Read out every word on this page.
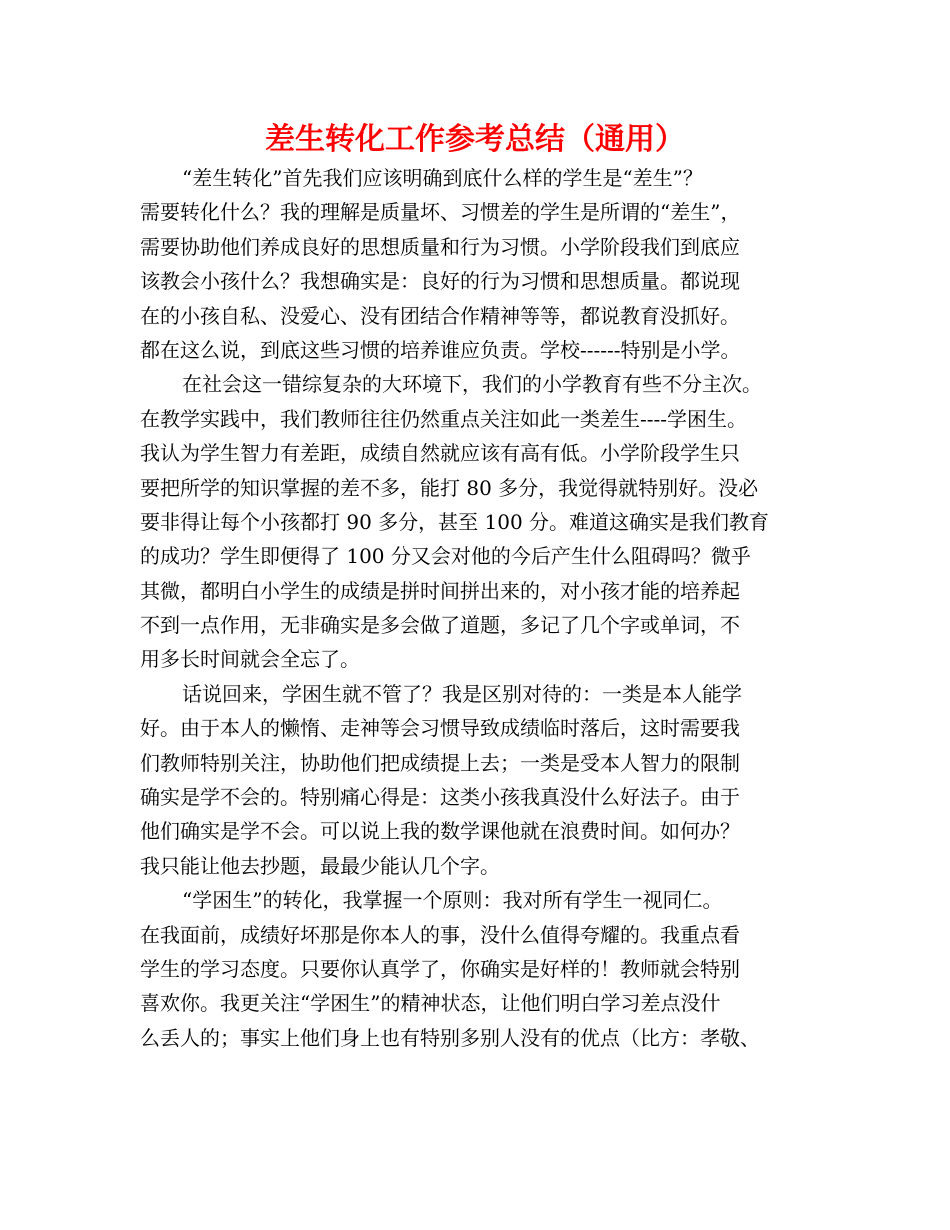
差生转化工作参考总结（通用）

“差生转化”首先我们应该明确到底什么样的学生是“差生”？
需要转化什么？我的理解是质量坏、习惯差的学生是所谓的“差生”，
需要协助他们养成良好的思想质量和行为习惯。小学阶段我们到底应
该教会小孩什么？我想确实是：良好的行为习惯和思想质量。都说现
在的小孩自私、没爱心、没有团结合作精神等等，都说教育没抓好。
都在这么说，到底这些习惯的培养谁应负责。学校------特别是小学。

在社会这一错综复杂的大环境下，我们的小学教育有些不分主次。
在教学实践中，我们教师往往仍然重点关注如此一类差生----学困生。
我认为学生智力有差距，成绩自然就应该有高有低。小学阶段学生只
要把所学的知识掌握的差不多，能打 80 多分，我觉得就特别好。没必
要非得让每个小孩都打 90 多分，甚至 100 分。难道这确实是我们教育
的成功？学生即便得了 100 分又会对他的今后产生什么阻碍吗？微乎
其微，都明白小学生的成绩是拼时间拼出来的，对小孩才能的培养起
不到一点作用，无非确实是多会做了道题，多记了几个字或单词，不
用多长时间就会全忘了。

话说回来，学困生就不管了？我是区别对待的：一类是本人能学
好。由于本人的懒惰、走神等会习惯导致成绩临时落后，这时需要我
们教师特别关注，协助他们把成绩提上去；一类是受本人智力的限制
确实是学不会的。特别痛心得是：这类小孩我真没什么好法子。由于
他们确实是学不会。可以说上我的数学课他就在浪费时间。如何办？
我只能让他去抄题，最最少能认几个字。

“学困生”的转化，我掌握一个原则：我对所有学生一视同仁。
在我面前，成绩好坏那是你本人的事，没什么值得夸耀的。我重点看
学生的学习态度。只要你认真学了，你确实是好样的！教师就会特别
喜欢你。我更关注“学困生”的精神状态，让他们明白学习差点没什
么丢人的；事实上他们身上也有特别多别人没有的优点（比方：孝敬、
